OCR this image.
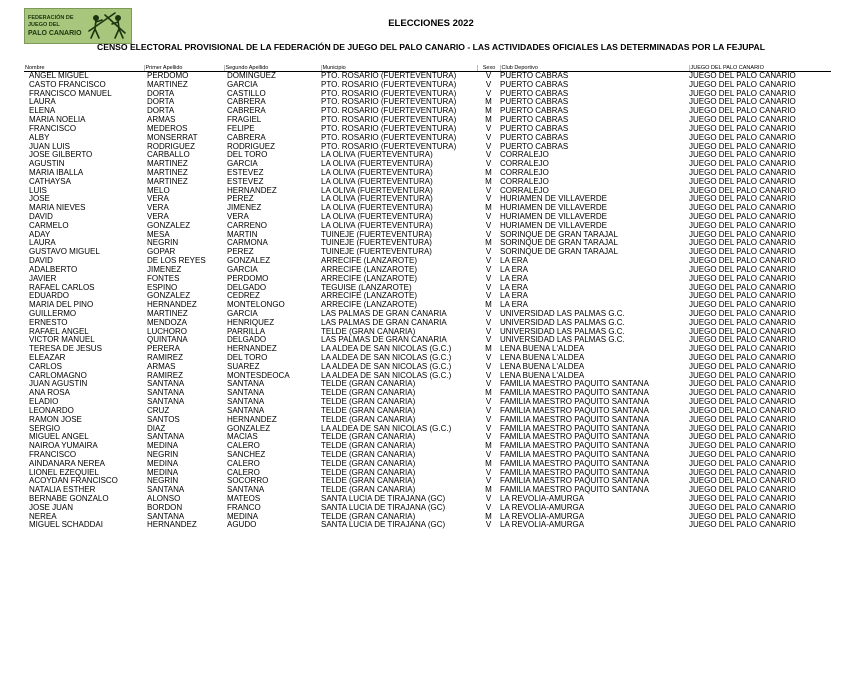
FEDERACIÓN DE JUEGO DEL
PALO CANARIO
ELECCIONES 2022
CENSO ELECTORAL PROVISIONAL DE LA FEDERACIÓN DE JUEGO DEL PALO CANARIO - LAS ACTIVIDADES OFICIALES LAS DETERMINADAS POR LA FEJUPAL
Nombre	Primer Apellido	Segundo Apellido	Municipio	Sexo	Club Deportivo	JUEGO DEL PALO CANARIO
ANGEL MIGUEL	PERDOMO	DOMINGUEZ	PTO. ROSARIO (FUERTEVENTURA)	V	PUERTO CABRAS	JUEGO DEL PALO CANARIO
CASTO FRANCISCO	MARTÍNEZ	GARCÍA	PTO. ROSARIO (FUERTEVENTURA)	V	PUERTO CABRAS	JUEGO DEL PALO CANARIO
FRANCISCO MANUEL	DORTA	CASTILLO	PTO. ROSARIO (FUERTEVENTURA)	V	PUERTO CABRAS	JUEGO DEL PALO CANARIO
LAURA	DORTA	CABRERA	PTO. ROSARIO (FUERTEVENTURA)	M	PUERTO CABRAS	JUEGO DEL PALO CANARIO
ELENA	DORTA	CABRERA	PTO. ROSARIO (FUERTEVENTURA)	M	PUERTO CABRAS	JUEGO DEL PALO CANARIO
MARÍA NOELIA	ARMAS	FRAGIEL	PTO. ROSARIO (FUERTEVENTURA)	M	PUERTO CABRAS	JUEGO DEL PALO CANARIO
FRANCISCO	MEDEROS	FELIPE	PTO. ROSARIO (FUERTEVENTURA)	V	PUERTO CABRAS	JUEGO DEL PALO CANARIO
ALBY	MONSERRAT	CABRERA	PTO. ROSARIO (FUERTEVENTURA)	V	PUERTO CABRAS	JUEGO DEL PALO CANARIO
JUAN LUIS	RODRÍGUEZ	RODRÍGUEZ	PTO. ROSARIO (FUERTEVENTURA)	V	PUERTO CABRAS	JUEGO DEL PALO CANARIO
JOSÉ GILBERTO	CARBALLO	DEL TORO	LA OLIVA (FUERTEVENTURA)	V	CORRALEJO	JUEGO DEL PALO CANARIO
AGUSTÍN	MARTÍNEZ	GARCÍA	LA OLIVA (FUERTEVENTURA)	V	CORRALEJO	JUEGO DEL PALO CANARIO
MARÍA IBALLA	MARTÍNEZ	ESTÉVEZ	LA OLIVA (FUERTEVENTURA)	M	CORRALEJO	JUEGO DEL PALO CANARIO
CATHAYSA	MARTÍNEZ	ESTÉVEZ	LA OLIVA (FUERTEVENTURA)	M	CORRALEJO	JUEGO DEL PALO CANARIO
LUIS	MELO	HERNÁNDEZ	LA OLIVA (FUERTEVENTURA)	V	CORRALEJO	JUEGO DEL PALO CANARIO
JOSÉ	VERA	PÉREZ	LA OLIVA (FUERTEVENTURA)	V	HURIAMEN DE VILLAVERDE	JUEGO DEL PALO CANARIO
MARÍA NIEVES	VERA	JIMÉNEZ	LA OLIVA (FUERTEVENTURA)	M	HURIAMEN DE VILLAVERDE	JUEGO DEL PALO CANARIO
DAVID	VERA	VERA	LA OLIVA (FUERTEVENTURA)	V	HURIAMEN DE VILLAVERDE	JUEGO DEL PALO CANARIO
CARMELO	GONZÁLEZ	CARREÑO	LA OLIVA (FUERTEVENTURA)	V	HURIAMEN DE VILLAVERDE	JUEGO DEL PALO CANARIO
ADAY	MESA	MARTÍN	TUINEJE (FUERTEVENTURA)	V	SORINQUE DE GRAN TARAJAL	JUEGO DEL PALO CANARIO
LAURA	NEGRÍN	CARMONA	TUINEJE (FUERTEVENTURA)	M	SORINQUE DE GRAN TARAJAL	JUEGO DEL PALO CANARIO
GUSTAVO MIGUEL	GOPAR	PÉREZ	TUINEJE (FUERTEVENTURA)	V	SORINQUE DE GRAN TARAJAL	JUEGO DEL PALO CANARIO
DAVID	DE LOS REYES	GONZÁLEZ	ARRECIFE (LANZAROTE)	V	LA ERA	JUEGO DEL PALO CANARIO
ADALBERTO	JIMÉNEZ	GARCÍA	ARRECIFE (LANZAROTE)	V	LA ERA	JUEGO DEL PALO CANARIO
JAVIER	FONTES	PERDOMO	ARRECIFE (LANZAROTE)	V	LA ERA	JUEGO DEL PALO CANARIO
RAFAEL CARLOS	ESPINO	DELGADO	TEGUISE (LANZAROTE)	V	LA ERA	JUEGO DEL PALO CANARIO
EDUARDO	GONZÁLEZ	CEDRÉZ	ARRECIFE (LANZAROTE)	V	LA ERA	JUEGO DEL PALO CANARIO
MARÍA DEL PINO	HERNÁNDEZ	MONTELONGO	ARRECIFE (LANZAROTE)	M	LA ERA	JUEGO DEL PALO CANARIO
GUILLERMO	MARTÍNEZ	GARCÍA	LAS PALMAS DE GRAN CANARIA	V	UNIVERSIDAD LAS PALMAS G.C.	JUEGO DEL PALO CANARIO
ERNESTO	MENDOZA	HENRÍQUEZ	LAS PALMAS DE GRAN CANARIA	V	UNIVERSIDAD LAS PALMAS G.C.	JUEGO DEL PALO CANARIO
RAFAEL ÁNGEL	LUCHORO	PARRILLA	TELDE (GRAN CANARIA)	V	UNIVERSIDAD LAS PALMAS G.C.	JUEGO DEL PALO CANARIO
VÍCTOR MANUEL	QUINTANA	DELGADO	LAS PALMAS DE GRAN CANARIA	V	UNIVERSIDAD LAS PALMAS G.C.	JUEGO DEL PALO CANARIO
TERESA DE JESÚS	PERERA	HERNÁNDEZ	LA ALDEA DE SAN NICOLÁS (G.C.)	M	LEÑA BUENA L'ALDEA	JUEGO DEL PALO CANARIO
ELEAZAR	RAMÍREZ	DEL TORO	LA ALDEA DE SAN NICOLÁS (G.C.)	V	LEÑA BUENA L'ALDEA	JUEGO DEL PALO CANARIO
CARLOS	ARMAS	SUÁREZ	LA ALDEA DE SAN NICOLÁS (G.C.)	V	LEÑA BUENA L'ALDEA	JUEGO DEL PALO CANARIO
CARLOMAGNO	RAMÍREZ	MONTESDEOCA	LA ALDEA DE SAN NICOLÁS (G.C.)	V	LEÑA BUENA L'ALDEA	JUEGO DEL PALO CANARIO
JUAN AGUSTÍN	SANTANA	SANTANA	TELDE (GRAN CANARIA)	V	FAMILIA MAESTRO PAQUITO SANTANA	JUEGO DEL PALO CANARIO
ANA ROSA	SANTANA	SANTANA	TELDE (GRAN CANARIA)	M	FAMILIA MAESTRO PAQUITO SANTANA	JUEGO DEL PALO CANARIO
ELADIO	SANTANA	SANTANA	TELDE (GRAN CANARIA)	V	FAMILIA MAESTRO PAQUITO SANTANA	JUEGO DEL PALO CANARIO
LEONARDO	CRUZ	SANTANA	TELDE (GRAN CANARIA)	V	FAMILIA MAESTRO PAQUITO SANTANA	JUEGO DEL PALO CANARIO
RAMÓN JOSÉ	SANTOS	HERNANDEZ	TELDE (GRAN CANARIA)	V	FAMILIA MAESTRO PAQUITO SANTANA	JUEGO DEL PALO CANARIO
SERGIO	DÍAZ	GONZÁLEZ	LA ALDEA DE SAN NICOLÁS (G.C.)	V	FAMILIA MAESTRO PAQUITO SANTANA	JUEGO DEL PALO CANARIO
MIGUEL ÁNGEL	SANTANA	MACÍAS	TELDE (GRAN CANARIA)	V	FAMILIA MAESTRO PAQUITO SANTANA	JUEGO DEL PALO CANARIO
NAIROA YUMAIRA	MEDINA	CALERO	TELDE (GRAN CANARIA)	M	FAMILIA MAESTRO PAQUITO SANTANA	JUEGO DEL PALO CANARIO
FRANCISCO	NEGRÍN	SÁNCHEZ	TELDE (GRAN CANARIA)	V	FAMILIA MAESTRO PAQUITO SANTANA	JUEGO DEL PALO CANARIO
AINDANARA NEREA	MEDINA	CALERO	TELDE (GRAN CANARIA)	M	FAMILIA MAESTRO PAQUITO SANTANA	JUEGO DEL PALO CANARIO
LIONEL EZEQUIEL	MEDINA	CALERO	TELDE (GRAN CANARIA)	V	FAMILIA MAESTRO PAQUITO SANTANA	JUEGO DEL PALO CANARIO
ACOYDAN FRANCISCO	NEGRÍN	SOCORRO	TELDE (GRAN CANARIA)	V	FAMILIA MAESTRO PAQUITO SANTANA	JUEGO DEL PALO CANARIO
NATALIA ESTHER	SANTANA	SANTANA	TELDE (GRAN CANARIA)	M	FAMILIA MAESTRO PAQUITO SANTANA	JUEGO DEL PALO CANARIO
BERNABÉ GONZALO	ALONSO	MATEOS	SANTA LUCIA DE TIRAJANA (GC)	V	LA REVOLIÁ-AMURGA	JUEGO DEL PALO CANARIO
JOSÉ JUAN	BORDÓN	FRANCO	SANTA LUCIA DE TIRAJANA (GC)	V	LA REVOLIÁ-AMURGA	JUEGO DEL PALO CANARIO
NEREA	SANTANA	MEDINA	TELDE (GRAN CANARIA)	M	LA REVOLIÁ-AMURGA	JUEGO DEL PALO CANARIO
MIGUEL SCHADDAI	HERNÁNDEZ	AGUDO	SANTA LUCIA DE TIRAJANA (GC)	V	LA REVOLIÁ-AMURGA	JUEGO DEL PALO CANARIO
